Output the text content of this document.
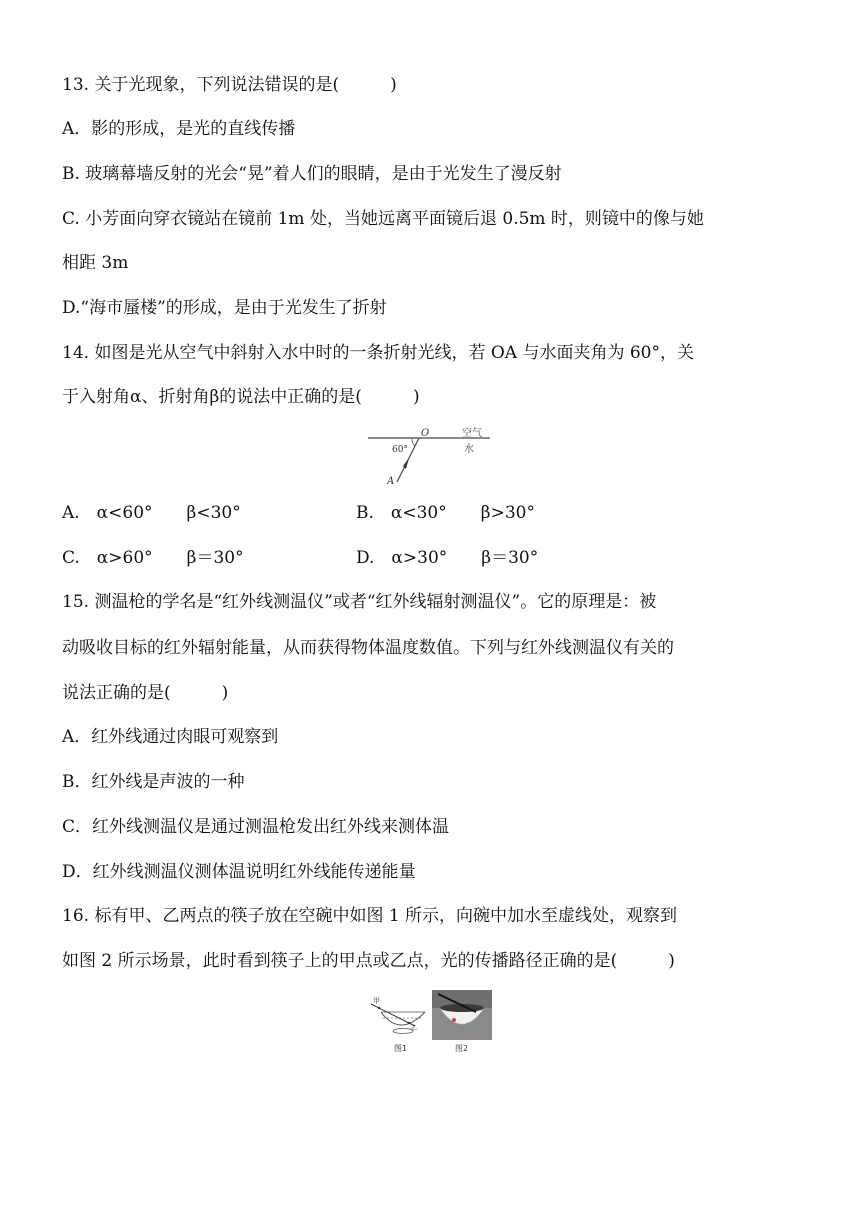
13. 关于光现象，下列说法错误的是(　　　)
A．影的形成，是光的直线传播
B. 玻璃幕墙反射的光会“晃”着人们的眼睛，是由于光发生了漫反射
C. 小芳面向穿衣镜站在镜前 1m 处，当她远离平面镜后退 0.5m 时，则镜中的像与她
相距 3m
D.“海市蜃楼”的形成，是由于光发生了折射
14. 如图是光从空气中斜射入水中时的一条折射光线，若 OA 与水面夹角为 60°，关
于入射角α、折射角β的说法中正确的是(　　　)
O	空气
水
60°
A
A.　α<60°　　β<30°	B.　α<30°　　β>30°
C.　α>60°　　β＝30°	D.　α>30°　　β＝30°
15. 测温枪的学名是“红外线测温仪”或者“红外线辐射测温仪”。它的原理是：被
动吸收目标的红外辐射能量，从而获得物体温度数值。下列与红外线测温仪有关的
说法正确的是(　　　)
A．红外线通过肉眼可观察到
B．红外线是声波的一种
C．红外线测温仪是通过测温枪发出红外线来测体温
D．红外线测温仪测体温说明红外线能传递能量
16. 标有甲、乙两点的筷子放在空碗中如图 1 所示，向碗中加水至虚线处，观察到
如图 2 所示场景，此时看到筷子上的甲点或乙点，光的传播路径正确的是(　　　)
甲
乙
图1	图2
